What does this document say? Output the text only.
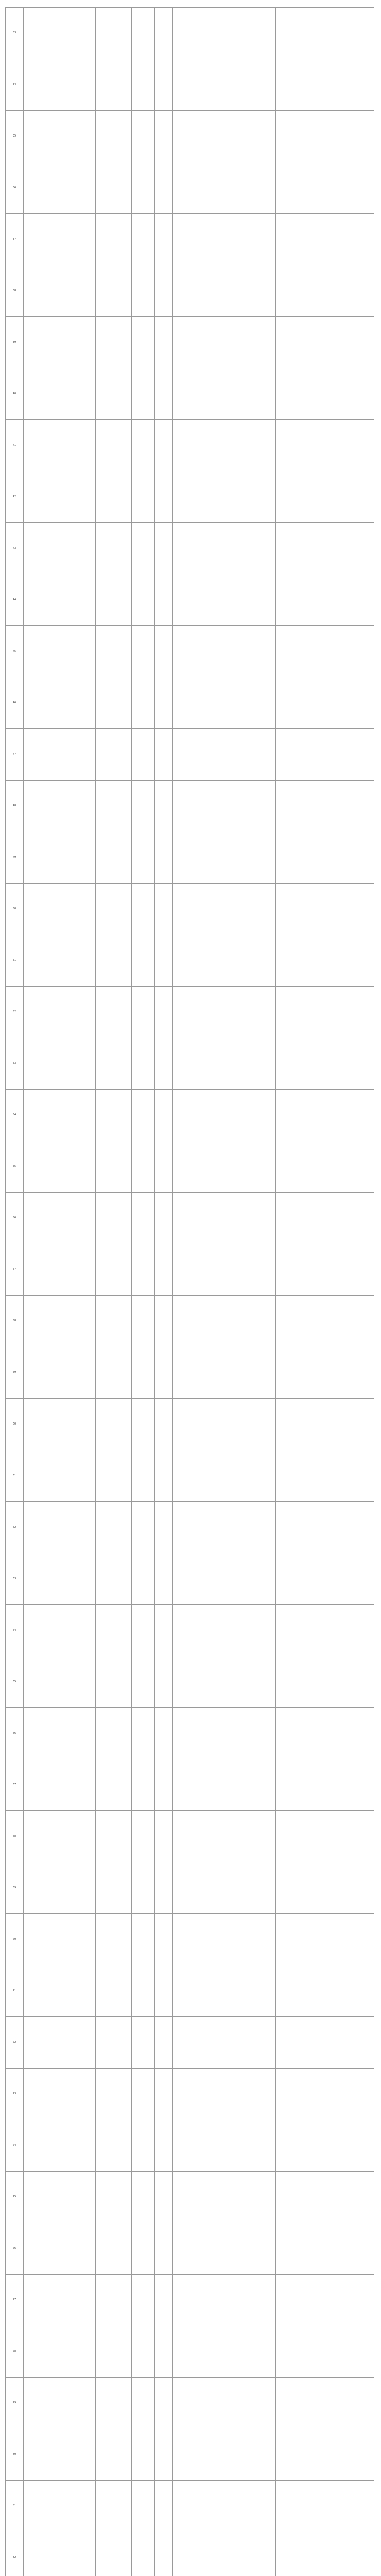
33									
34									
35									
36									
37									
38									
39									
40									
41									
42									
43									
44									
45									
46									
47									
48									
49									
50									
51									
52									
53									
54									
55									
56									
57									
58									
59									
60									
61									
62									
63									
64									
65									
66									
67									
68									
69									
70									
71									
72									
73									
74									
75									
76									
77									
78									
79									
80									
81									
82									
